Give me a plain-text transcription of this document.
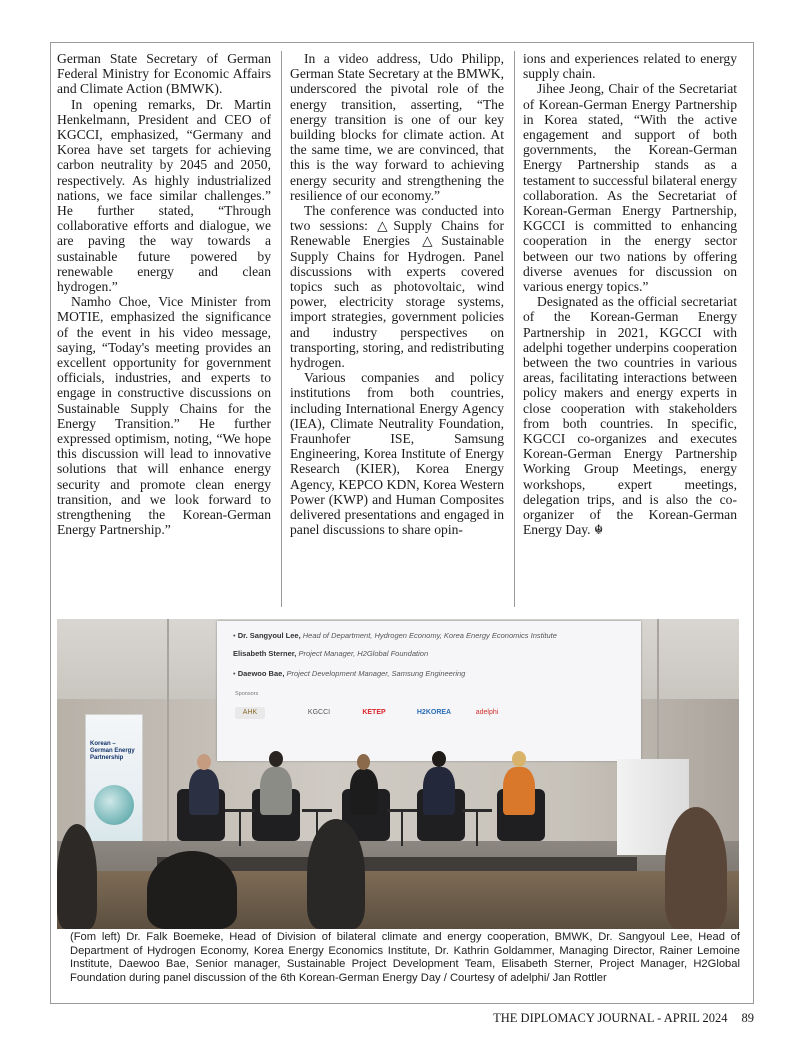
German State Secretary of German Federal Ministry for Economic Affairs and Climate Action (BMWK).

In opening remarks, Dr. Martin Henkelmann, President and CEO of KGCCI, emphasized, “Germany and Korea have set targets for achieving carbon neutrality by 2045 and 2050, respectively. As highly industrialized nations, we face similar challenges.” He further stated, “Through collaborative efforts and dialogue, we are paving the way towards a sustainable future powered by renewable energy and clean hydrogen.”

Namho Choe, Vice Minister from MOTIE, emphasized the significance of the event in his video message, saying, “Today's meeting provides an excellent opportunity for government officials, industries, and experts to engage in constructive discussions on Sustainable Supply Chains for the Energy Transition.” He further expressed optimism, noting, “We hope this discussion will lead to innovative solutions that will enhance energy security and promote clean energy transition, and we look forward to strengthening the Korean-German Energy Partnership.”

In a video address, Udo Philipp, German State Secretary at the BMWK, underscored the pivotal role of the energy transition, asserting, “The energy transition is one of our key building blocks for climate action. At the same time, we are convinced, that this is the way forward to achieving energy security and strengthening the resilience of our economy.”

The conference was conducted into two sessions: △Supply Chains for Renewable Energies △Sustainable Supply Chains for Hydrogen. Panel discussions with experts covered topics such as photovoltaic, wind power, electricity storage systems, import strategies, government policies and industry perspectives on transporting, storing, and redistributing hydrogen.

Various companies and policy institutions from both countries, including International Energy Agency (IEA), Climate Neutrality Foundation, Fraunhofer ISE, Samsung Engineering, Korea Institute of Energy Research (KIER), Korea Energy Agency, KEPCO KDN, Korea Western Power (KWP) and Human Composites delivered presentations and engaged in panel discussions to share opin-

ions and experiences related to energy supply chain.

Jihee Jeong, Chair of the Secretariat of Korean-German Energy Partnership in Korea stated, “With the active engagement and support of both governments, the Korean-German Energy Partnership stands as a testament to successful bilateral energy collaboration. As the Secretariat of Korean-German Energy Partnership, KGCCI is committed to enhancing cooperation in the energy sector between our two nations by offering diverse avenues for discussion on various energy topics.”

Designated as the official secretariat of the Korean-German Energy Partnership in 2021, KGCCI with adelphi together underpins cooperation between the two countries in various areas, facilitating interactions between policy makers and energy experts in close cooperation with stakeholders from both countries. In specific, KGCCI co-organizes and executes Korean-German Energy Partnership Working Group Meetings, energy workshops, expert meetings, delegation trips, and is also the co-organizer of the Korean-German Energy Day. ☬

• Dr. Sangyoul Lee, Head of Department, Hydrogen Economy, Korea Energy Economics Institute
Elisabeth Sterner, Project Manager, H2Global Foundation
• Daewoo Bae, Project Development Manager, Samsung Engineering
Sponsors
AHK	KGCCI	KETEP	H2KOREA	adelphi
Korean – German Energy Partnership
(Fom left) Dr. Falk Boemeke, Head of Division of bilateral climate and energy cooperation, BMWK, Dr. Sangyoul Lee, Head of Department of Hydrogen Economy, Korea Energy Economics Institute, Dr. Kathrin Goldammer, Managing Director, Rainer Lemoine Institute, Daewoo Bae, Senior manager, Sustainable Project Development Team, Elisabeth Sterner, Project Manager, H2Global Foundation during panel discussion of the 6th Korean-German Energy Day / Courtesy of adelphi/ Jan Rottler
THE DIPLOMACY JOURNAL - APRIL 2024 89
